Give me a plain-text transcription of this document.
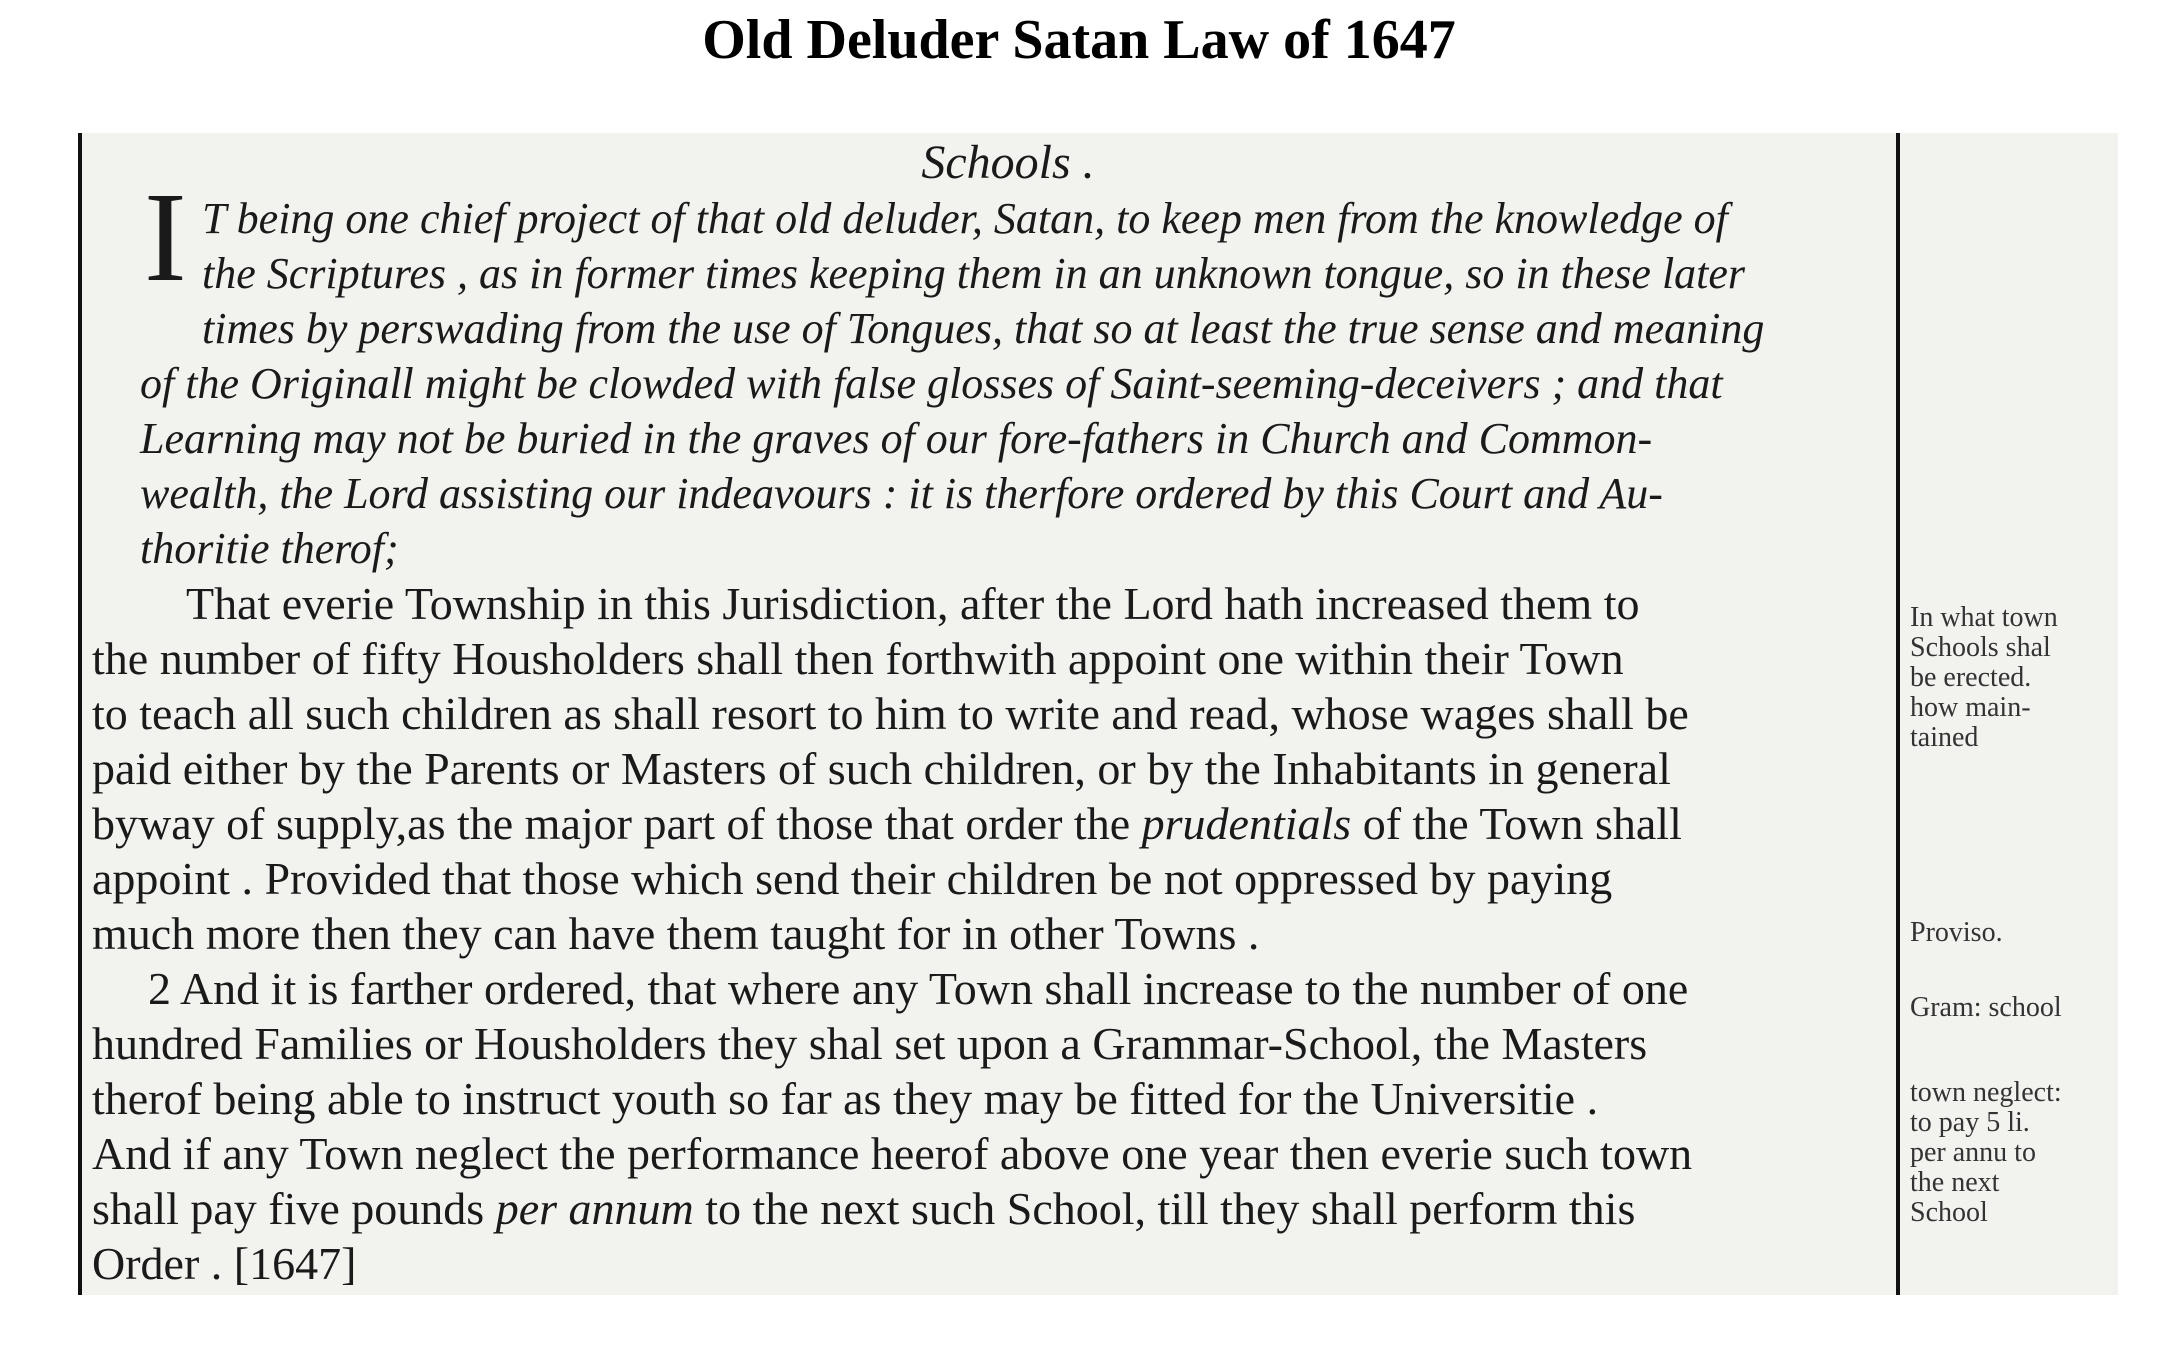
Old Deluder Satan Law of 1647
Schools .
I T being one chief project of that old deluder, Satan, to keep men from the knowledge of
the Scriptures , as in former times keeping them in an unknown tongue, so in these later
times by perswading from the use of Tongues, that so at least the true sense and meaning
of the Originall might be clowded with false glosses of Saint-seeming-deceivers ; and that
Learning may not be buried in the graves of our fore-fathers in Church and Common-
wealth, the Lord assisting our indeavours : it is therfore ordered by this Court and Au-
thoritie therof;
That everie Township in this Jurisdiction, after the Lord hath increased them to
the number of fifty Housholders shall then forthwith appoint one within their Town
to teach all such children as shall resort to him to write and read, whose wages shall be
paid either by the Parents or Masters of such children, or by the Inhabitants in general
byway of supply,as the major part of those that order the prudentials of the Town shall
appoint . Provided that those which send their children be not oppressed by paying
much more then they can have them taught for in other Towns .
2 And it is farther ordered, that where any Town shall increase to the number of one
hundred Families or Housholders they shal set upon a Grammar-School, the Masters
therof being able to instruct youth so far as they may be fitted for the Universitie .
And if any Town neglect the performance heerof above one year then everie such town
shall pay five pounds per annum to the next such School, till they shall perform this
Order . [1647]
In what town
Schools shal
be erected.
how main-
tained
Proviso.
Gram: school
town neglect:
to pay 5 li.
per annu to
the next
School
